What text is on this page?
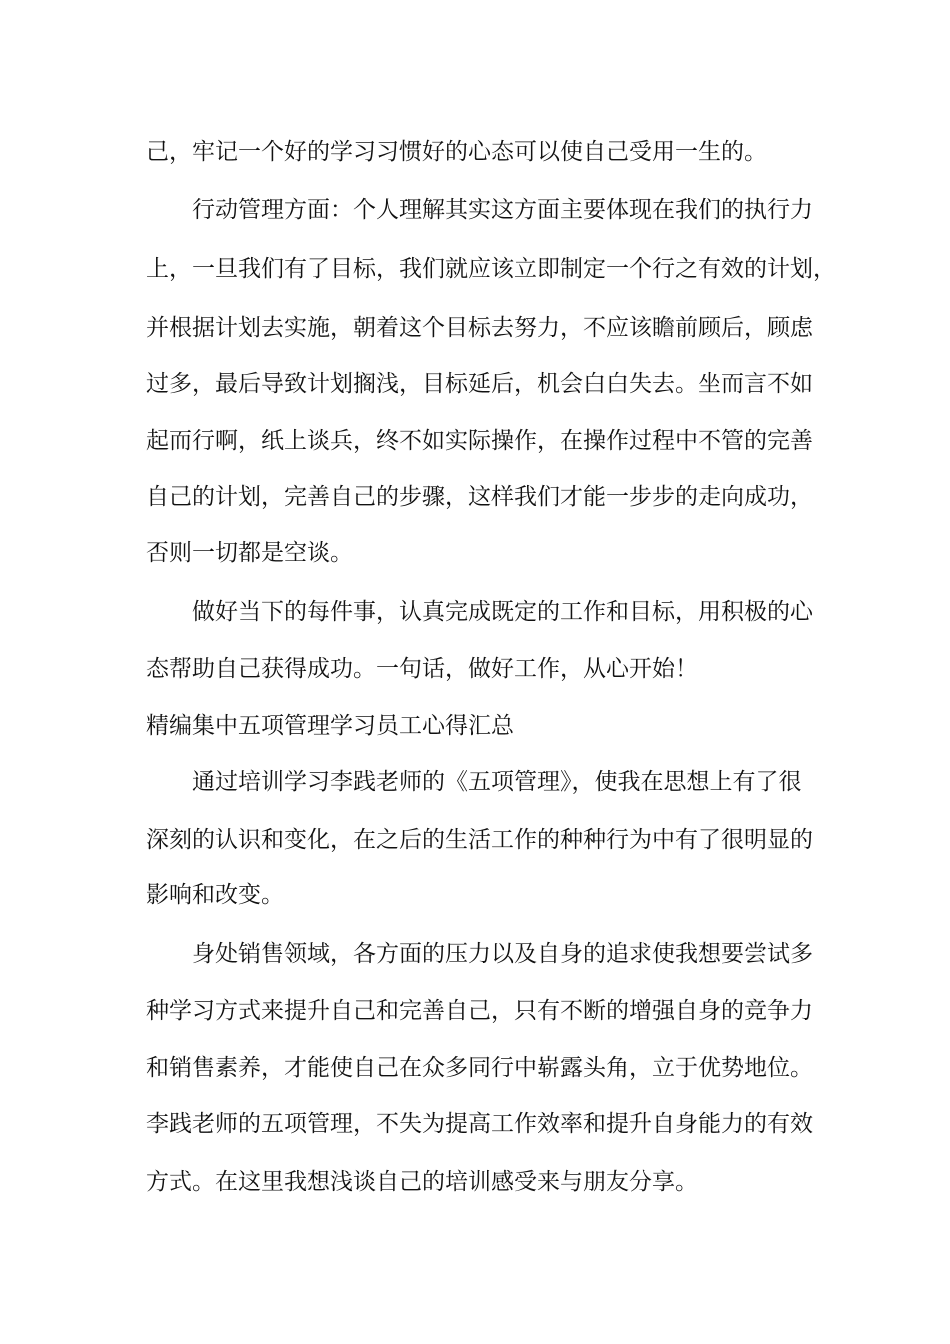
己，牢记一个好的学习习惯好的心态可以使自己受用一生的。

行动管理方面：个人理解其实这方面主要体现在我们的执行力

上，一旦我们有了目标，我们就应该立即制定一个行之有效的计划，

并根据计划去实施，朝着这个目标去努力，不应该瞻前顾后，顾虑

过多，最后导致计划搁浅，目标延后，机会白白失去。坐而言不如

起而行啊，纸上谈兵，终不如实际操作，在操作过程中不管的完善

自己的计划，完善自己的步骤，这样我们才能一步步的走向成功，

否则一切都是空谈。

做好当下的每件事，认真完成既定的工作和目标，用积极的心

态帮助自己获得成功。一句话，做好工作，从心开始！

精编集中五项管理学习员工心得汇总

通过培训学习李践老师的《五项管理》，使我在思想上有了很

深刻的认识和变化，在之后的生活工作的种种行为中有了很明显的

影响和改变。

身处销售领域，各方面的压力以及自身的追求使我想要尝试多

种学习方式来提升自己和完善自己，只有不断的增强自身的竞争力

和销售素养，才能使自己在众多同行中崭露头角，立于优势地位。

李践老师的五项管理，不失为提高工作效率和提升自身能力的有效

方式。在这里我想浅谈自己的培训感受来与朋友分享。
